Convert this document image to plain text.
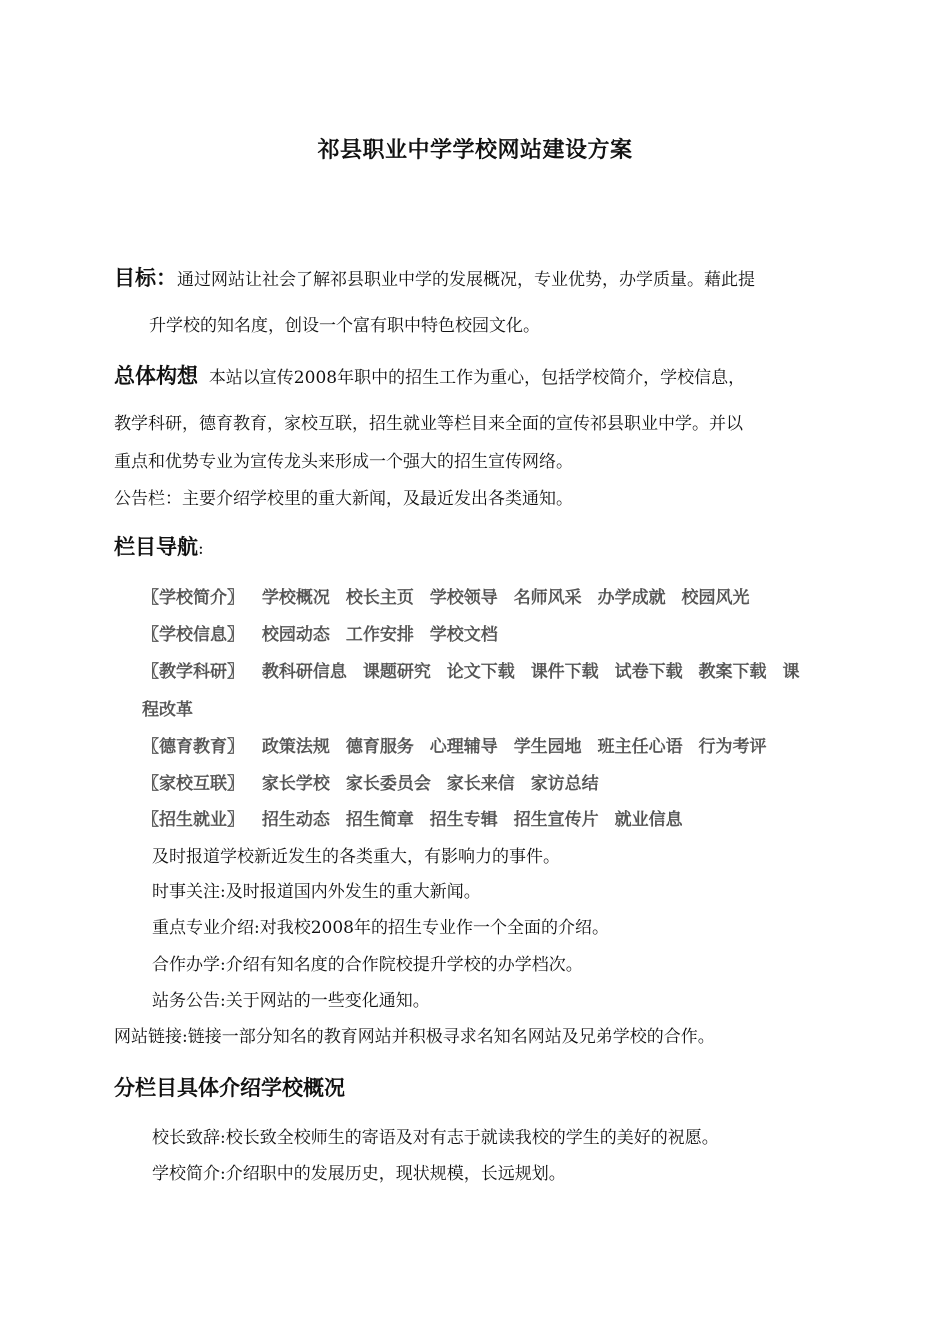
祁县职业中学学校网站建设方案
目标：通过网站让社会了解祁县职业中学的发展概况，专业优势，办学质量。藉此提
升学校的知名度，创设一个富有职中特色校园文化。
总体构想 本站以宣传2008年职中的招生工作为重心，包括学校简介，学校信息，
教学科研，德育教育，家校互联，招生就业等栏目来全面的宣传祁县职业中学。并以
重点和优势专业为宣传龙头来形成一个强大的招生宣传网络。
公告栏：主要介绍学校里的重大新闻，及最近发出各类通知。
栏目导航:
〖学校简介〗 学校概况 校长主页 学校领导 名师风采 办学成就 校园风光
〖学校信息〗 校园动态 工作安排 学校文档
〖教学科研〗 教科研信息 课题研究 论文下载 课件下载 试卷下载 教案下载 课
程改革
〖德育教育〗 政策法规 德育服务 心理辅导 学生园地 班主任心语 行为考评
〖家校互联〗 家长学校 家长委员会 家长来信 家访总结
〖招生就业〗 招生动态 招生简章 招生专辑 招生宣传片 就业信息
及时报道学校新近发生的各类重大，有影响力的事件。
时事关注:及时报道国内外发生的重大新闻。
重点专业介绍:对我校2008年的招生专业作一个全面的介绍。
合作办学:介绍有知名度的合作院校提升学校的办学档次。
站务公告:关于网站的一些变化通知。
网站链接:链接一部分知名的教育网站并积极寻求名知名网站及兄弟学校的合作。
分栏目具体介绍学校概况
校长致辞:校长致全校师生的寄语及对有志于就读我校的学生的美好的祝愿。
学校简介:介绍职中的发展历史，现状规模，长远规划。
